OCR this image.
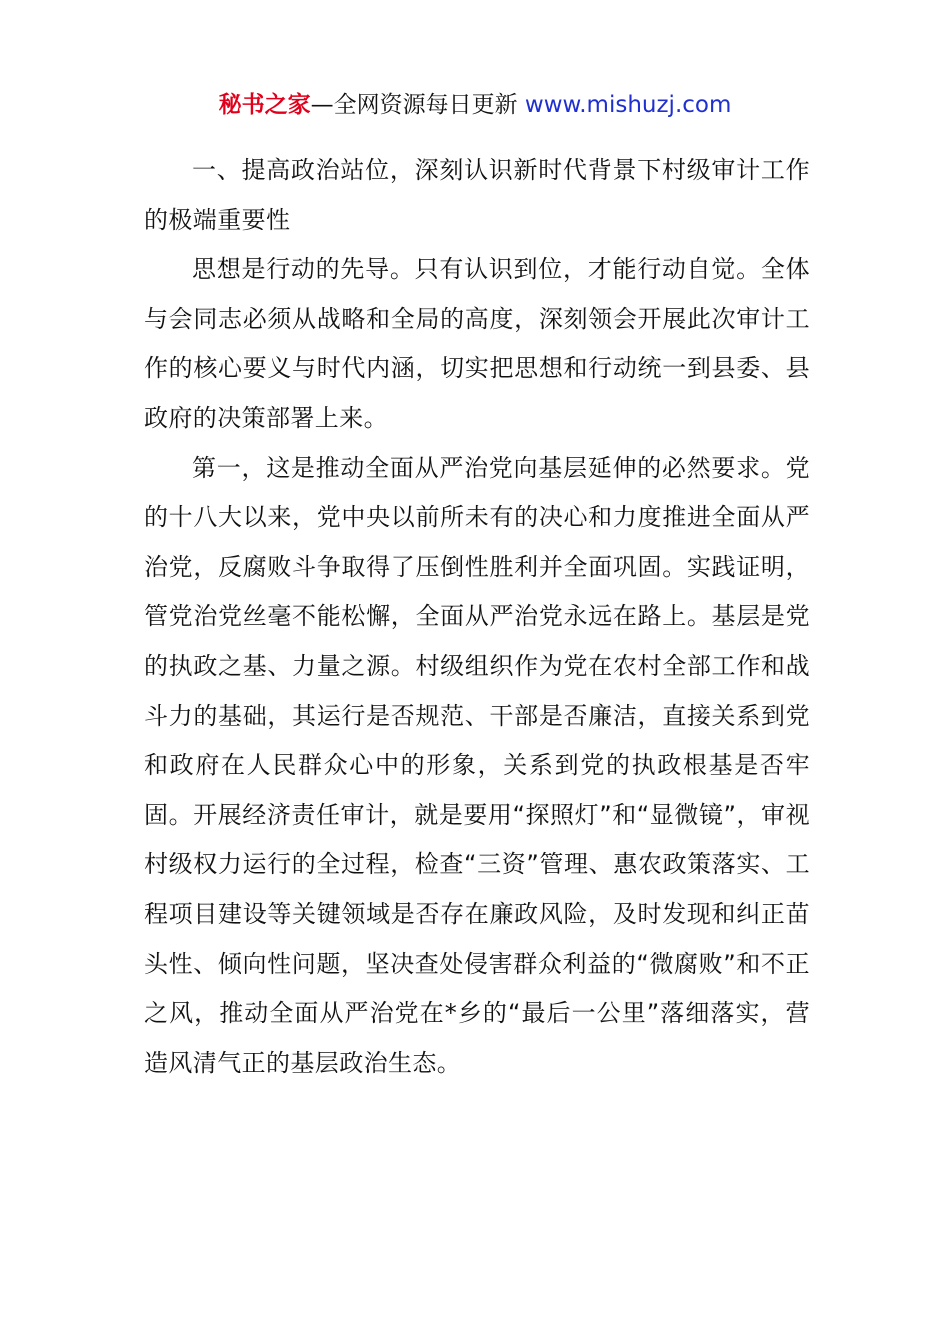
秘书之家—全网资源每日更新 www.mishuzj.com

一、提高政治站位，深刻认识新时代背景下村级审计工作的极端重要性

思想是行动的先导。只有认识到位，才能行动自觉。全体与会同志必须从战略和全局的高度，深刻领会开展此次审计工作的核心要义与时代内涵，切实把思想和行动统一到县委、县政府的决策部署上来。

第一，这是推动全面从严治党向基层延伸的必然要求。党的十八大以来，党中央以前所未有的决心和力度推进全面从严治党，反腐败斗争取得了压倒性胜利并全面巩固。实践证明，管党治党丝毫不能松懈，全面从严治党永远在路上。基层是党的执政之基、力量之源。村级组织作为党在农村全部工作和战斗力的基础，其运行是否规范、干部是否廉洁，直接关系到党和政府在人民群众心中的形象，关系到党的执政根基是否牢固。开展经济责任审计，就是要用“探照灯”和“显微镜”，审视村级权力运行的全过程，检查“三资”管理、惠农政策落实、工程项目建设等关键领域是否存在廉政风险，及时发现和纠正苗头性、倾向性问题，坚决查处侵害群众利益的“微腐败”和不正之风，推动全面从严治党在*乡的“最后一公里”落细落实，营造风清气正的基层政治生态。
